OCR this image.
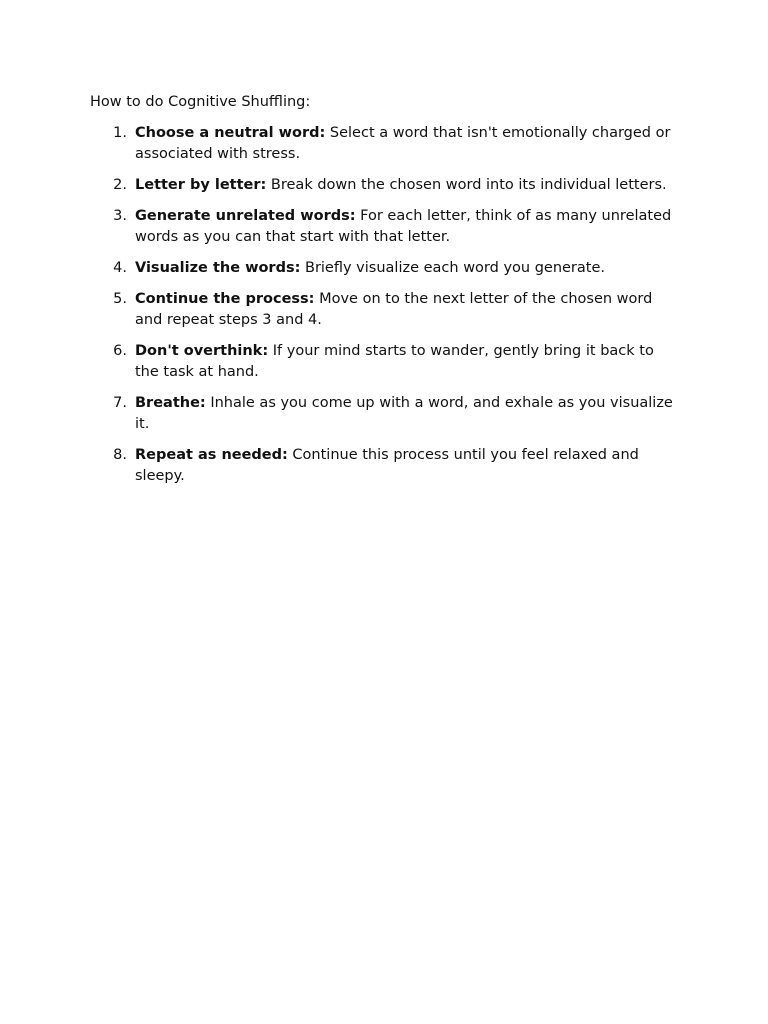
How to do Cognitive Shuffling:

1. Choose a neutral word: Select a word that isn't emotionally charged or associated with stress.
2. Letter by letter: Break down the chosen word into its individual letters.
3. Generate unrelated words: For each letter, think of as many unrelated words as you can that start with that letter.
4. Visualize the words: Briefly visualize each word you generate.
5. Continue the process: Move on to the next letter of the chosen word and repeat steps 3 and 4.
6. Don't overthink: If your mind starts to wander, gently bring it back to the task at hand.
7. Breathe: Inhale as you come up with a word, and exhale as you visualize it.
8. Repeat as needed: Continue this process until you feel relaxed and sleepy.
